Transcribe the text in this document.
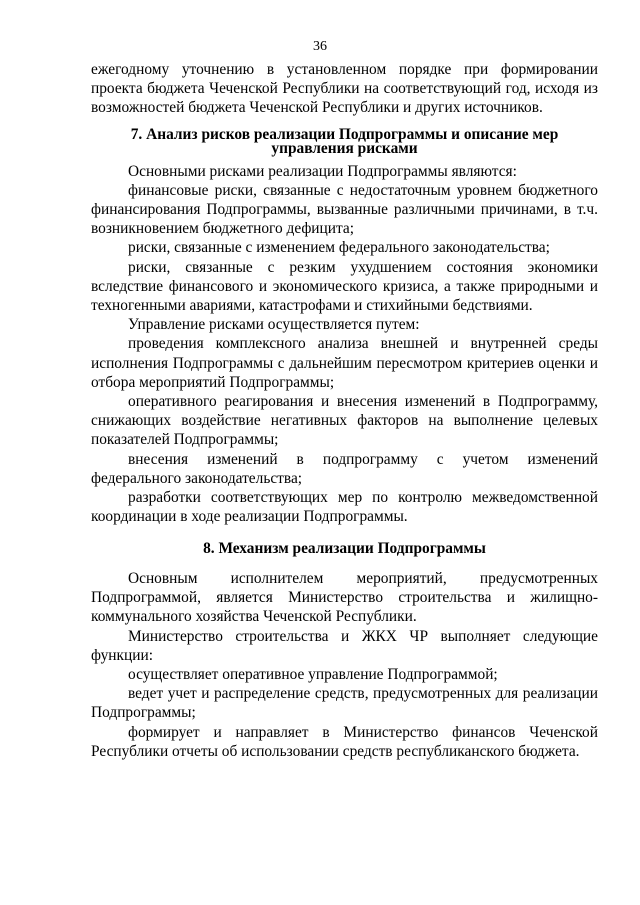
36

ежегодному уточнению в установленном порядке при формировании проекта бюджета Чеченской Республики на соответствующий год, исходя из возможностей бюджета Чеченской Республики и других источников.

7. Анализ рисков реализации Подпрограммы и описание мер управления рисками

Основными рисками реализации Подпрограммы являются:

финансовые риски, связанные с недостаточным уровнем бюджетного финансирования Подпрограммы, вызванные различными причинами, в т.ч. возникновением бюджетного дефицита;

риски, связанные с изменением федерального законодательства;

риски, связанные с резким ухудшением состояния экономики вследствие финансового и экономического кризиса, а также природными и техногенными авариями, катастрофами и стихийными бедствиями.

Управление рисками осуществляется путем:

проведения комплексного анализа внешней и внутренней среды исполнения Подпрограммы с дальнейшим пересмотром критериев оценки и отбора мероприятий Подпрограммы;

оперативного реагирования и внесения изменений в Подпрограмму, снижающих воздействие негативных факторов на выполнение целевых показателей Подпрограммы;

внесения изменений в подпрограмму с учетом изменений федерального законодательства;

разработки соответствующих мер по контролю межведомственной координации в ходе реализации Подпрограммы.

8. Механизм реализации Подпрограммы

Основным исполнителем мероприятий, предусмотренных Подпрограммой, является Министерство строительства и жилищно-коммунального хозяйства Чеченской Республики.

Министерство строительства и ЖКХ ЧР выполняет следующие функции:

осуществляет оперативное управление Подпрограммой;

ведет учет и распределение средств, предусмотренных для реализации Подпрограммы;

формирует и направляет в Министерство финансов Чеченской Республики отчеты об использовании средств республиканского бюджета.
